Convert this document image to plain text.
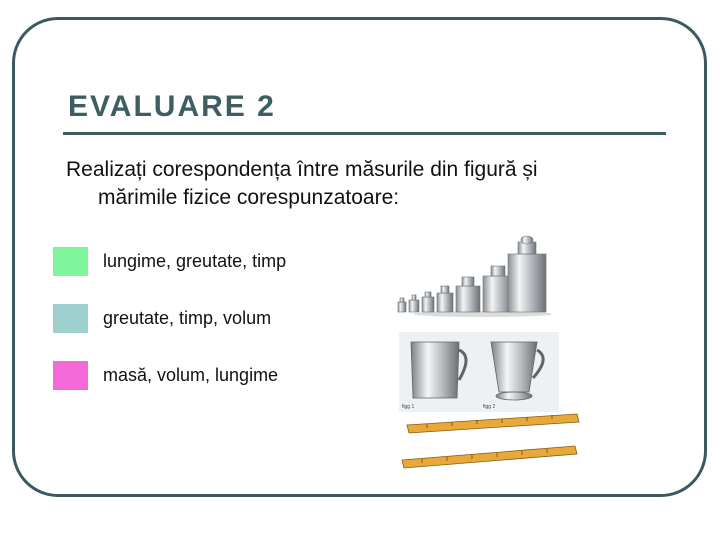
EVALUARE 2
Realizați corespondența între măsurile din figură și
mărimile fizice corespunzatoare:
lungime, greutate, timp
greutate, timp, volum
masă, volum, lungime
figg 1	figg 2
